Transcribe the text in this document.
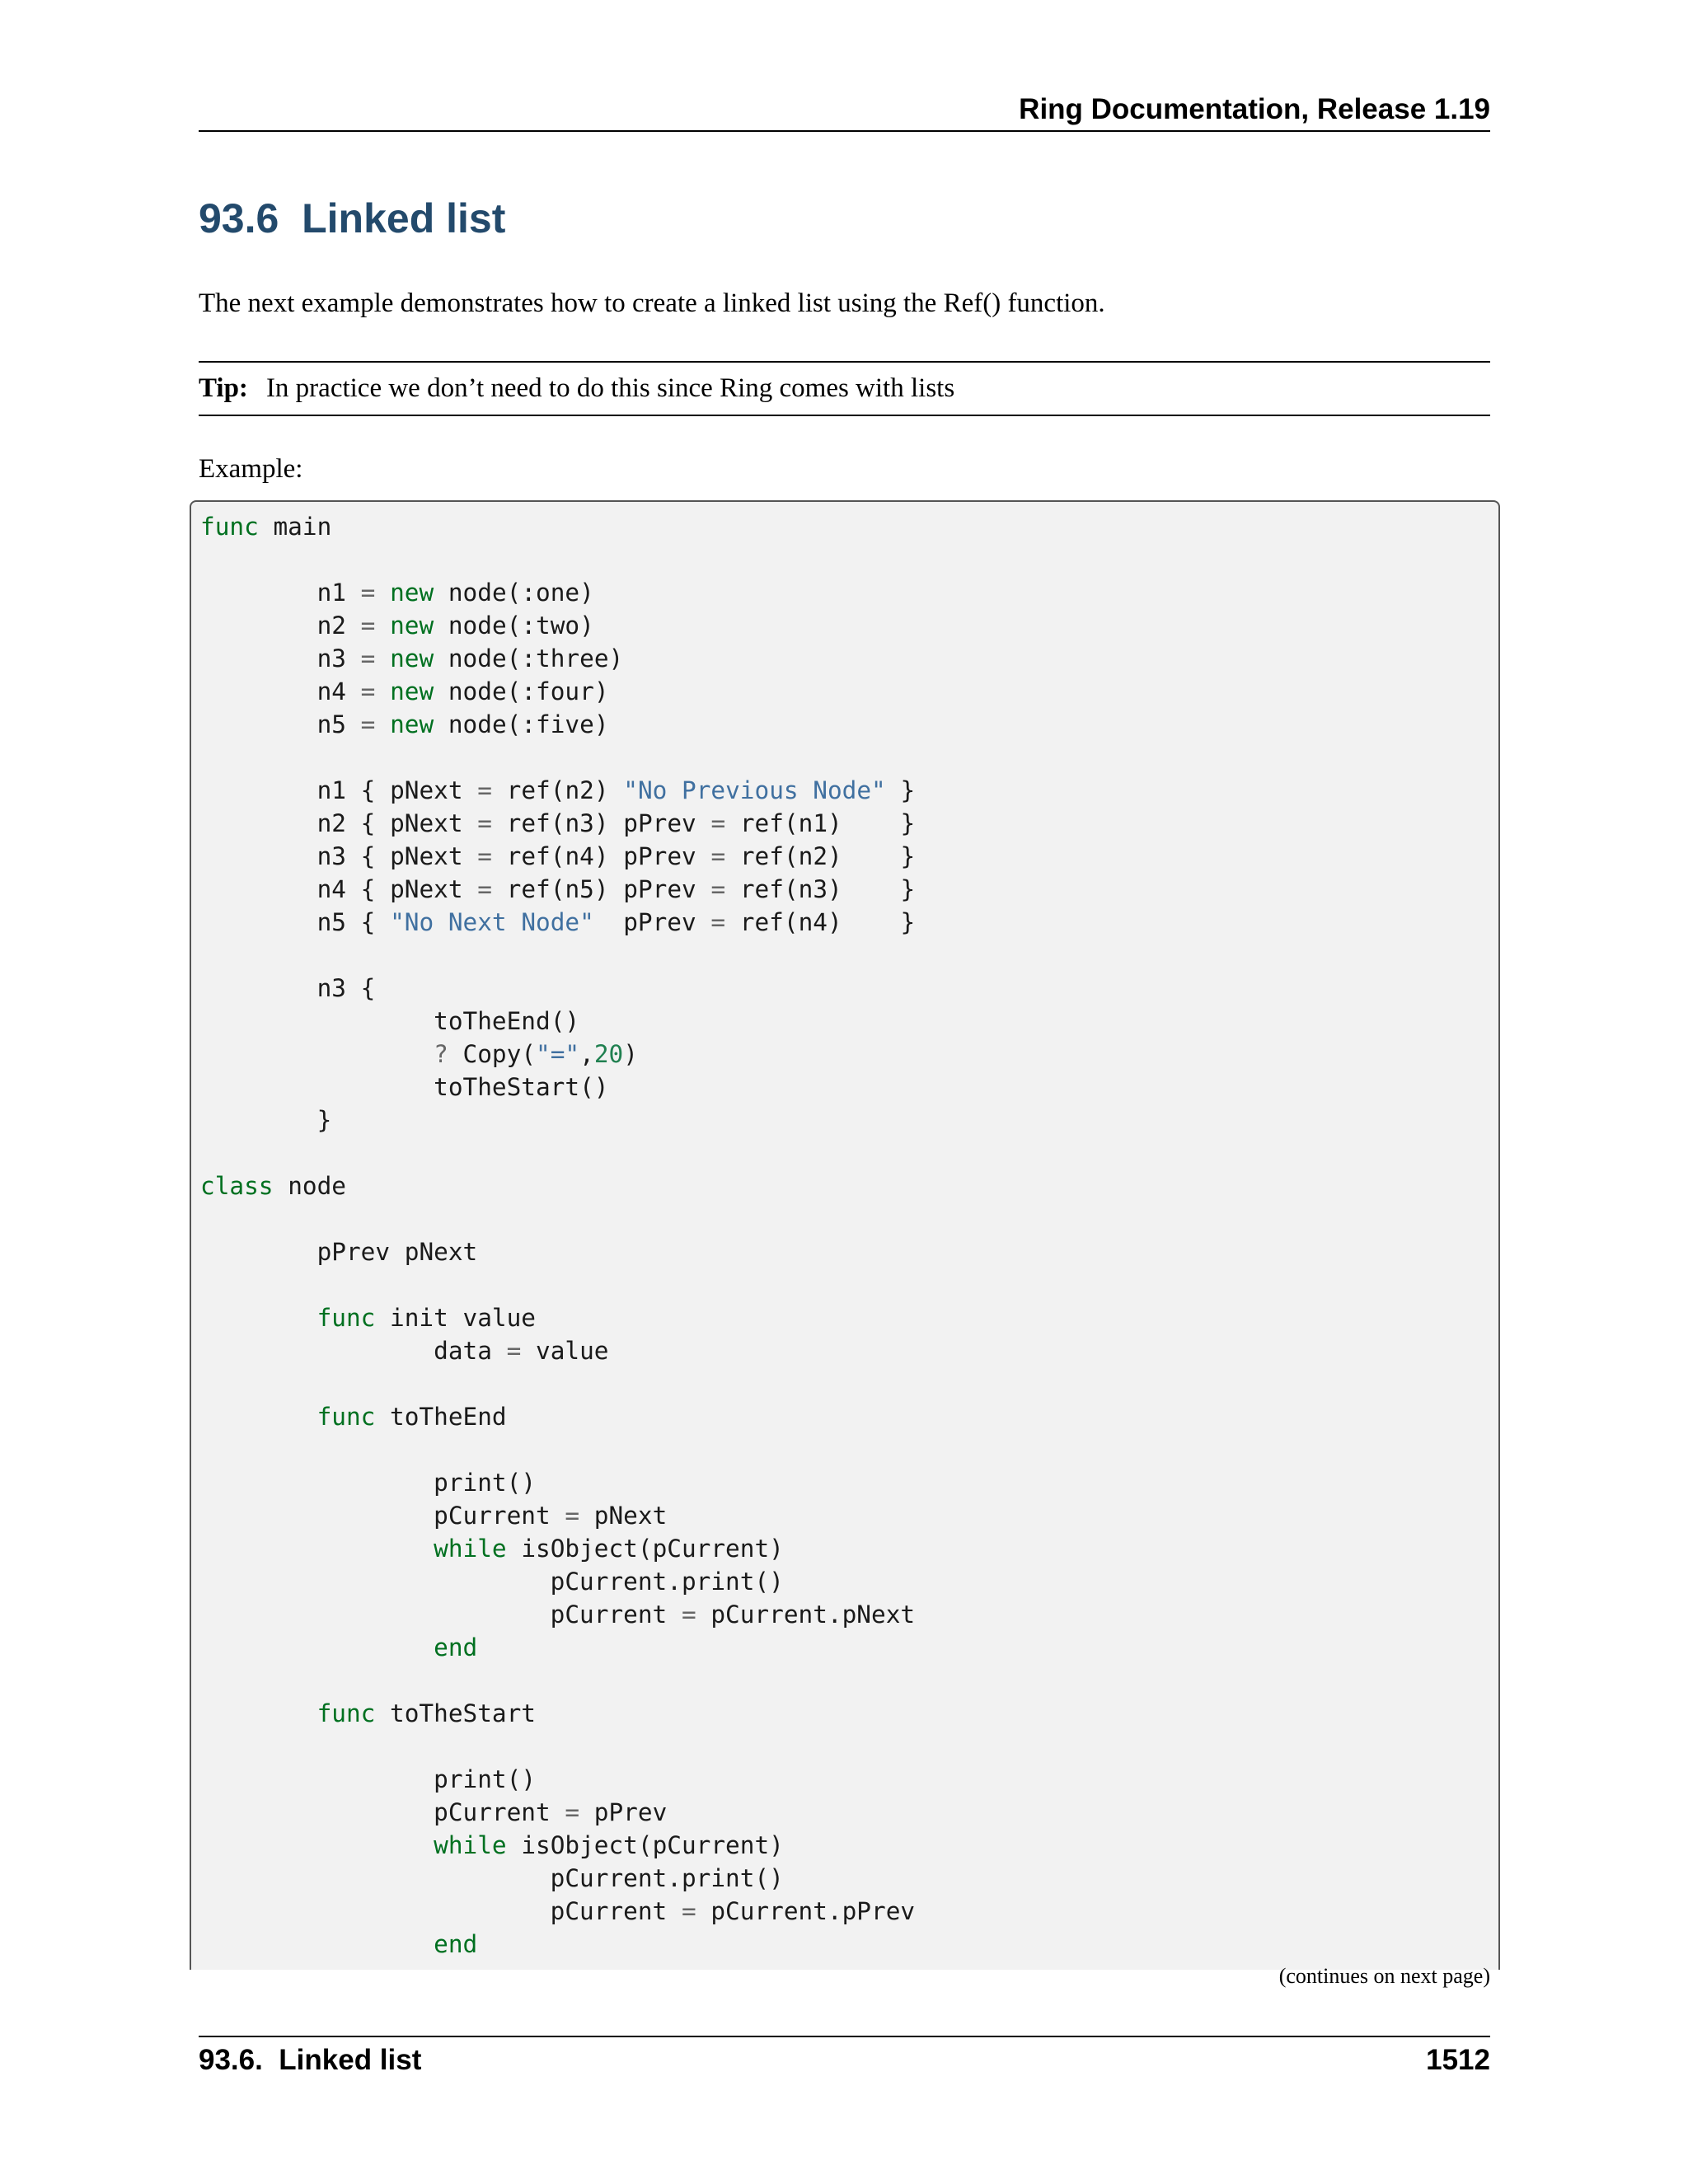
Ring Documentation, Release 1.19
93.6  Linked list
The next example demonstrates how to create a linked list using the Ref() function.
Tip: In practice we don’t need to do this since Ring comes with lists
Example:
func main
n1 = new node(:one)
n2 = new node(:two)
n3 = new node(:three)
n4 = new node(:four)
n5 = new node(:five)
n1 { pNext = ref(n2) "No Previous Node" }
n2 { pNext = ref(n3) pPrev = ref(n1) }
n3 { pNext = ref(n4) pPrev = ref(n2) }
n4 { pNext = ref(n5) pPrev = ref(n3) }
n5 { "No Next Node" pPrev = ref(n4) }
n3 {
toTheEnd()
? Copy("=",20)
toTheStart()
}
class node
pPrev pNext
func init value
data = value
func toTheEnd
print()
pCurrent = pNext
while isObject(pCurrent)
pCurrent.print()
pCurrent = pCurrent.pNext
end
func toTheStart
print()
pCurrent = pPrev
while isObject(pCurrent)
pCurrent.print()
pCurrent = pCurrent.pPrev
end
(continues on next page)
93.6.  Linked list	1512
